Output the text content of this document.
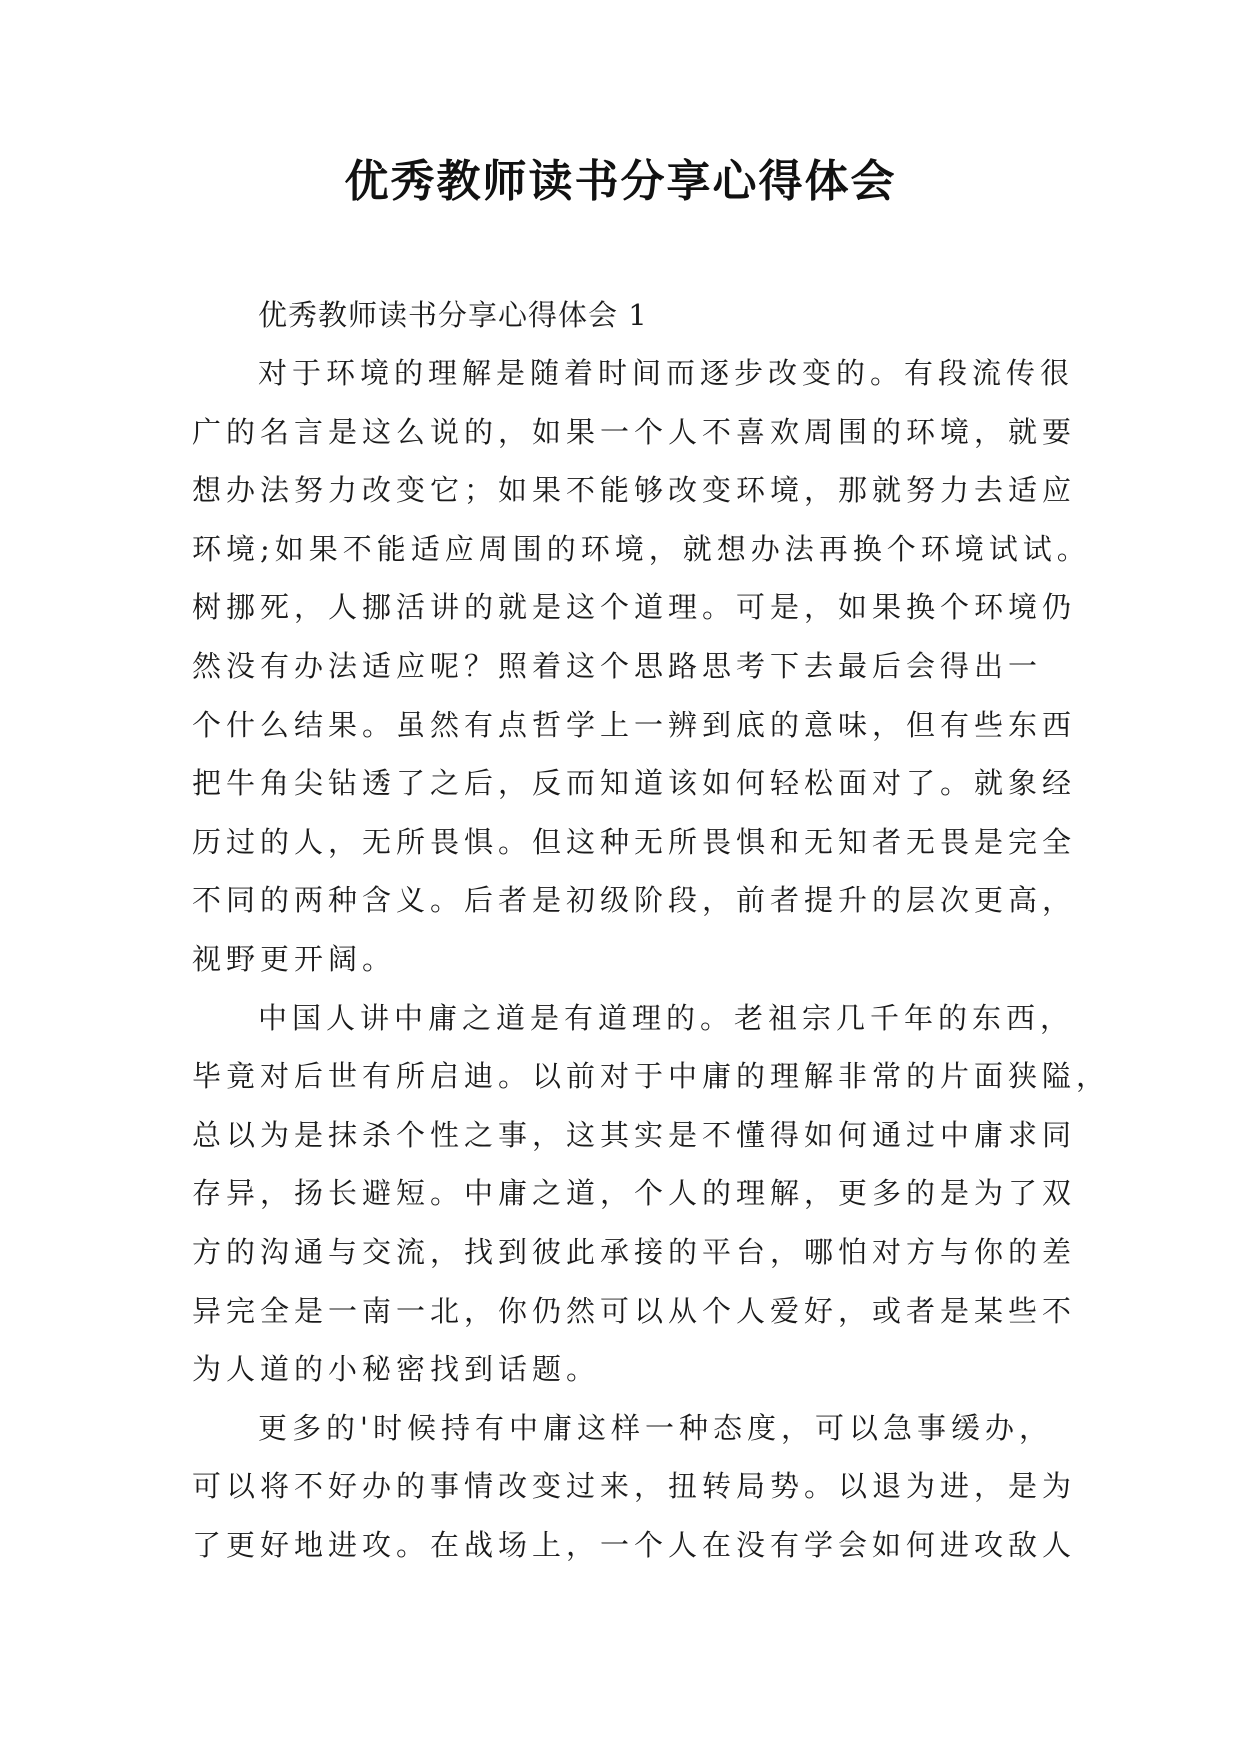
优秀教师读书分享心得体会

优秀教师读书分享心得体会 1

对于环境的理解是随着时间而逐步改变的。有段流传很

广的名言是这么说的，如果一个人不喜欢周围的环境，就要

想办法努力改变它；如果不能够改变环境，那就努力去适应

环境;如果不能适应周围的环境，就想办法再换个环境试试。

树挪死，人挪活讲的就是这个道理。可是，如果换个环境仍

然没有办法适应呢？照着这个思路思考下去最后会得出一

个什么结果。虽然有点哲学上一辨到底的意味，但有些东西

把牛角尖钻透了之后，反而知道该如何轻松面对了。就象经

历过的人，无所畏惧。但这种无所畏惧和无知者无畏是完全

不同的两种含义。后者是初级阶段，前者提升的层次更高，

视野更开阔。

中国人讲中庸之道是有道理的。老祖宗几千年的东西，

毕竟对后世有所启迪。以前对于中庸的理解非常的片面狭隘，

总以为是抹杀个性之事，这其实是不懂得如何通过中庸求同

存异，扬长避短。中庸之道，个人的理解，更多的是为了双

方的沟通与交流，找到彼此承接的平台，哪怕对方与你的差

异完全是一南一北，你仍然可以从个人爱好，或者是某些不

为人道的小秘密找到话题。

更多的'时候持有中庸这样一种态度，可以急事缓办，

可以将不好办的事情改变过来，扭转局势。以退为进，是为

了更好地进攻。在战场上，一个人在没有学会如何进攻敌人
